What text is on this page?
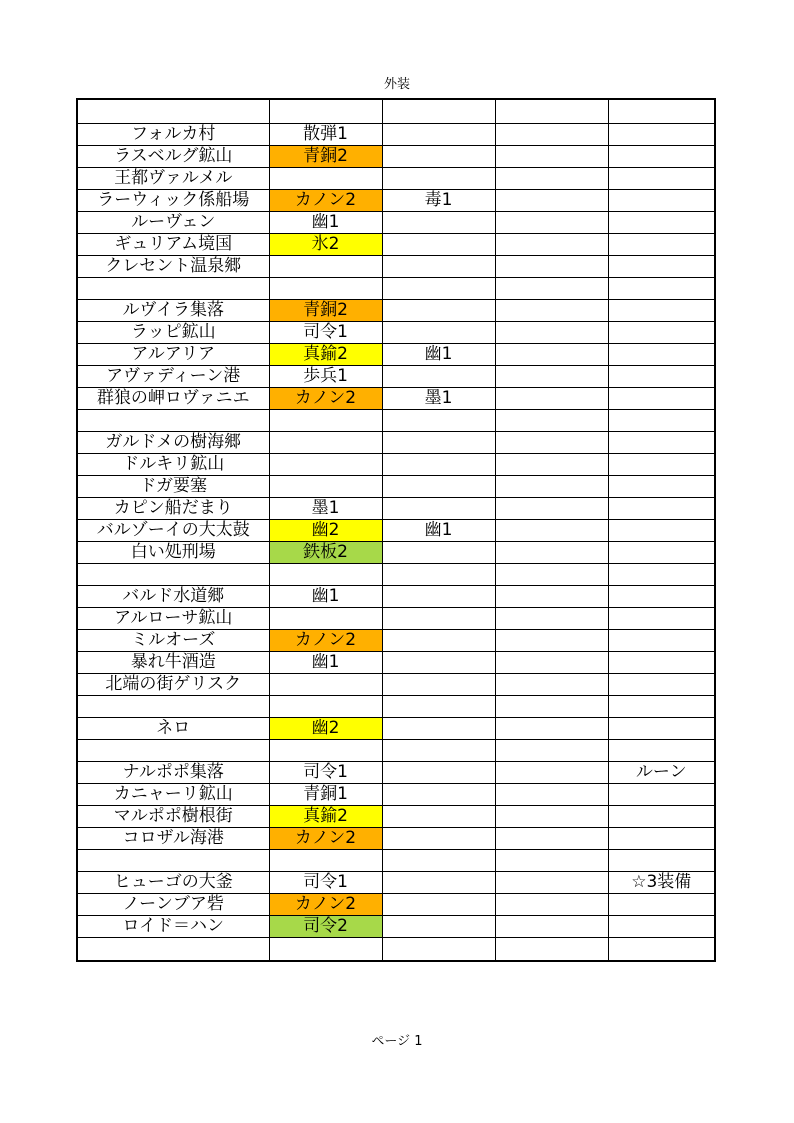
外装

フォルカ村	散弾1			
ラスベルグ鉱山	青銅2			
王都ヴァルメル				
ラーウィック係船場	カノン2	毒1		
ルーヴェン	幽1			
ギュリアム境国	氷2			
クレセント温泉郷				

ルヴイラ集落	青銅2			
ラッピ鉱山	司令1			
アルアリア	真鍮2	幽1		
アヴァディーン港	歩兵1			
群狼の岬ロヴァニエ	カノン2	墨1		

ガルドメの樹海郷				
ドルキリ鉱山				
ドガ要塞				
カピン船だまり	墨1			
バルゾーイの大太鼓	幽2	幽1		
白い処刑場	鉄板2			

バルド水道郷	幽1			
アルローサ鉱山				
ミルオーズ	カノン2			
暴れ牛酒造	幽1			
北端の街ゲリスク				

ネロ	幽2			

ナルポポ集落	司令1			ルーン
カニャーリ鉱山	青銅1			
マルポポ樹根街	真鍮2			
コロザル海港	カノン2			

ヒューゴの大釜	司令1			☆3装備
ノーンブア砦	カノン2			
ロイド＝ハン	司令2			

ページ 1
